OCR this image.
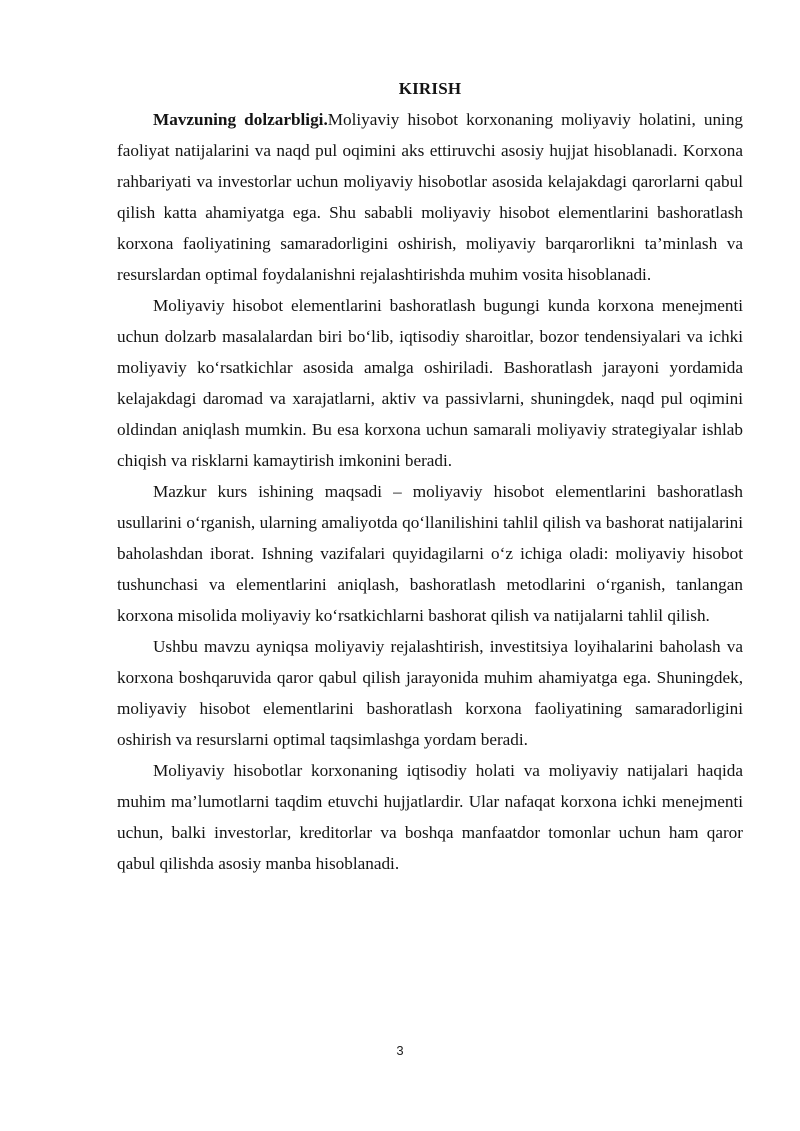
KIRISH

Mavzuning dolzarbligi.Moliyaviy hisobot korxonaning moliyaviy holatini, uning faoliyat natijalarini va naqd pul oqimini aks ettiruvchi asosiy hujjat hisoblanadi. Korxona rahbariyati va investorlar uchun moliyaviy hisobotlar asosida kelajakdagi qarorlarni qabul qilish katta ahamiyatga ega. Shu sababli moliyaviy hisobot elementlarini bashoratlash korxona faoliyatining samaradorligini oshirish, moliyaviy barqarorlikni ta’minlash va resurslardan optimal foydalanishni rejalashtirishda muhim vosita hisoblanadi.

Moliyaviy hisobot elementlarini bashoratlash bugungi kunda korxona menejmenti uchun dolzarb masalalardan biri bo‘lib, iqtisodiy sharoitlar, bozor tendensiyalari va ichki moliyaviy ko‘rsatkichlar asosida amalga oshiriladi. Bashoratlash jarayoni yordamida kelajakdagi daromad va xarajatlarni, aktiv va passivlarni, shuningdek, naqd pul oqimini oldindan aniqlash mumkin. Bu esa korxona uchun samarali moliyaviy strategiyalar ishlab chiqish va risklarni kamaytirish imkonini beradi.

Mazkur kurs ishining maqsadi – moliyaviy hisobot elementlarini bashoratlash usullarini o‘rganish, ularning amaliyotda qo‘llanilishini tahlil qilish va bashorat natijalarini baholashdan iborat. Ishning vazifalari quyidagilarni o‘z ichiga oladi: moliyaviy hisobot tushunchasi va elementlarini aniqlash, bashoratlash metodlarini o‘rganish, tanlangan korxona misolida moliyaviy ko‘rsatkichlarni bashorat qilish va natijalarni tahlil qilish.

Ushbu mavzu ayniqsa moliyaviy rejalashtirish, investitsiya loyihalarini baholash va korxona boshqaruvida qaror qabul qilish jarayonida muhim ahamiyatga ega. Shuningdek, moliyaviy hisobot elementlarini bashoratlash korxona faoliyatining samaradorligini oshirish va resurslarni optimal taqsimlashga yordam beradi.

Moliyaviy hisobotlar korxonaning iqtisodiy holati va moliyaviy natijalari haqida muhim ma’lumotlarni taqdim etuvchi hujjatlardir. Ular nafaqat korxona ichki menejmenti uchun, balki investorlar, kreditorlar va boshqa manfaatdor tomonlar uchun ham qaror qabul qilishda asosiy manba hisoblanadi.

3
